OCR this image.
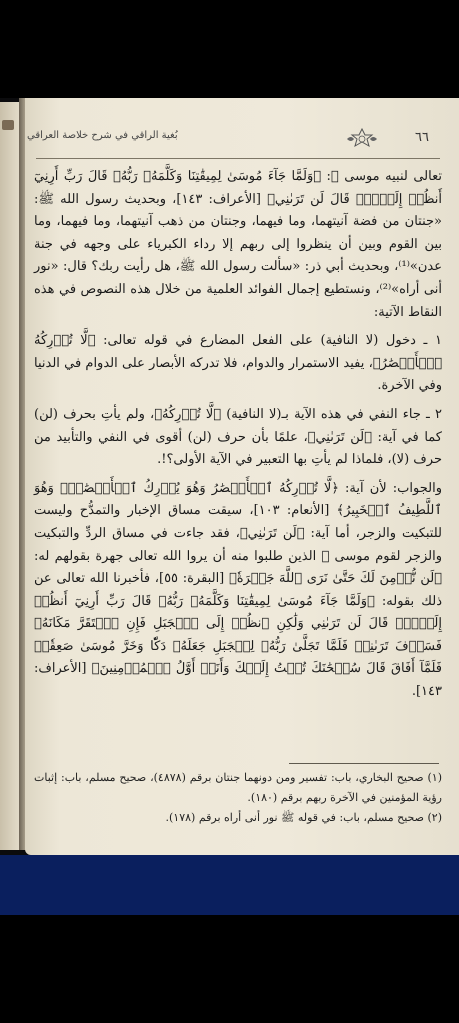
بُغية الراقي في شرح خلاصة العراقي	٦٦

تعالى لنبيه موسى ﷺ: ﴿وَلَمَّا جَآءَ مُوسَىٰ لِمِيقَٰتِنَا وَكَلَّمَهُۥ رَبُّهُۥ قَالَ رَبِّ أَرِنِيٓ أَنظُرۡ إِلَيۡكَۚ قَالَ لَن تَرَىٰنِي﴾ [الأعراف: ١٤٣]، وبحديث رسول الله ﷺ: «جنتان من فضة آنيتهما، وما فيهما، وجنتان من ذهب آنيتهما، وما فيهما، وما بين القوم وبين أن ينظروا إلى ربهم إلا رداء الكبرياء على وجهه في جنة عدن»⁽¹⁾، وبحديث أبي ذر: «سألت رسول الله ﷺ، هل رأيت ربك؟ قال: «نور أنى أراه»⁽²⁾، ونستطيع إجمال الفوائد العلمية من خلال هذه النصوص في هذه النقاط الآتية:

١ ـ دخول (لا النافية) على الفعل المضارع في قوله تعالى: ﴿لَّا تُدۡرِكُهُ ٱلۡأَبۡصَٰرُ﴾، يفيد الاستمرار والدوام، فلا تدركه الأبصار على الدوام في الدنيا وفي الآخرة.

٢ ـ جاء النفي في هذه الآية بـ(لا النافية) ﴿لَّا تُدۡرِكُهُ﴾، ولم يأتِ بحرف (لن) كما في آية: ﴿لَن تَرَىٰنِي﴾، علمًا بأن حرف (لن) أقوى في النفي والتأبيد من حرف (لا)، فلماذا لم يأتِ بها التعبير في الآية الأولى؟!.

والجواب: لأن آية: ﴿لَّا تُدۡرِكُهُ ٱلۡأَبۡصَٰرُ وَهُوَ يُدۡرِكُ ٱلۡأَبۡصَٰرَۖ وَهُوَ ٱللَّطِيفُ ٱلۡخَبِيرُ﴾ [الأنعام: ١٠٣]، سيقت مساق الإخبار والتمدُّح وليست للتبكيت والزجر، أما آية: ﴿لَن تَرَىٰنِي﴾، فقد جاءت في مساق الردِّ والتبكيت والزجر لقوم موسى ﷺ الذين طلبوا منه أن يروا الله تعالى جهرة بقولهم له: ﴿لَن نُّؤۡمِنَ لَكَ حَتَّىٰ نَرَى ٱللَّهَ جَهۡرَةٗ﴾ [البقرة: ٥٥]، فأخبرنا الله تعالى عن ذلك بقوله: ﴿وَلَمَّا جَآءَ مُوسَىٰ لِمِيقَٰتِنَا وَكَلَّمَهُۥ رَبُّهُۥ قَالَ رَبِّ أَرِنِيٓ أَنظُرۡ إِلَيۡكَۚ قَالَ لَن تَرَىٰنِي وَلَٰكِنِ ٱنظُرۡ إِلَى ٱلۡجَبَلِ فَإِنِ ٱسۡتَقَرَّ مَكَانَهُۥ فَسَوۡفَ تَرَىٰنِيۚ فَلَمَّا تَجَلَّىٰ رَبُّهُۥ لِلۡجَبَلِ جَعَلَهُۥ دَكّٗا وَخَرَّ مُوسَىٰ صَعِقٗاۚ فَلَمَّآ أَفَاقَ قَالَ سُبۡحَٰنَكَ تُبۡتُ إِلَيۡكَ وَأَنَا۠ أَوَّلُ ٱلۡمُؤۡمِنِينَ﴾ [الأعراف: ١٤٣].

(١) صحيح البخاري، باب: تفسير ومن دونهما جنتان برقم (٤٨٧٨)، صحيح مسلم، باب: إثبات رؤية المؤمنين في الآخرة ربهم برقم (١٨٠).

(٢) صحيح مسلم، باب: في قوله ﷺ نور أنى أراه برقم (١٧٨).
